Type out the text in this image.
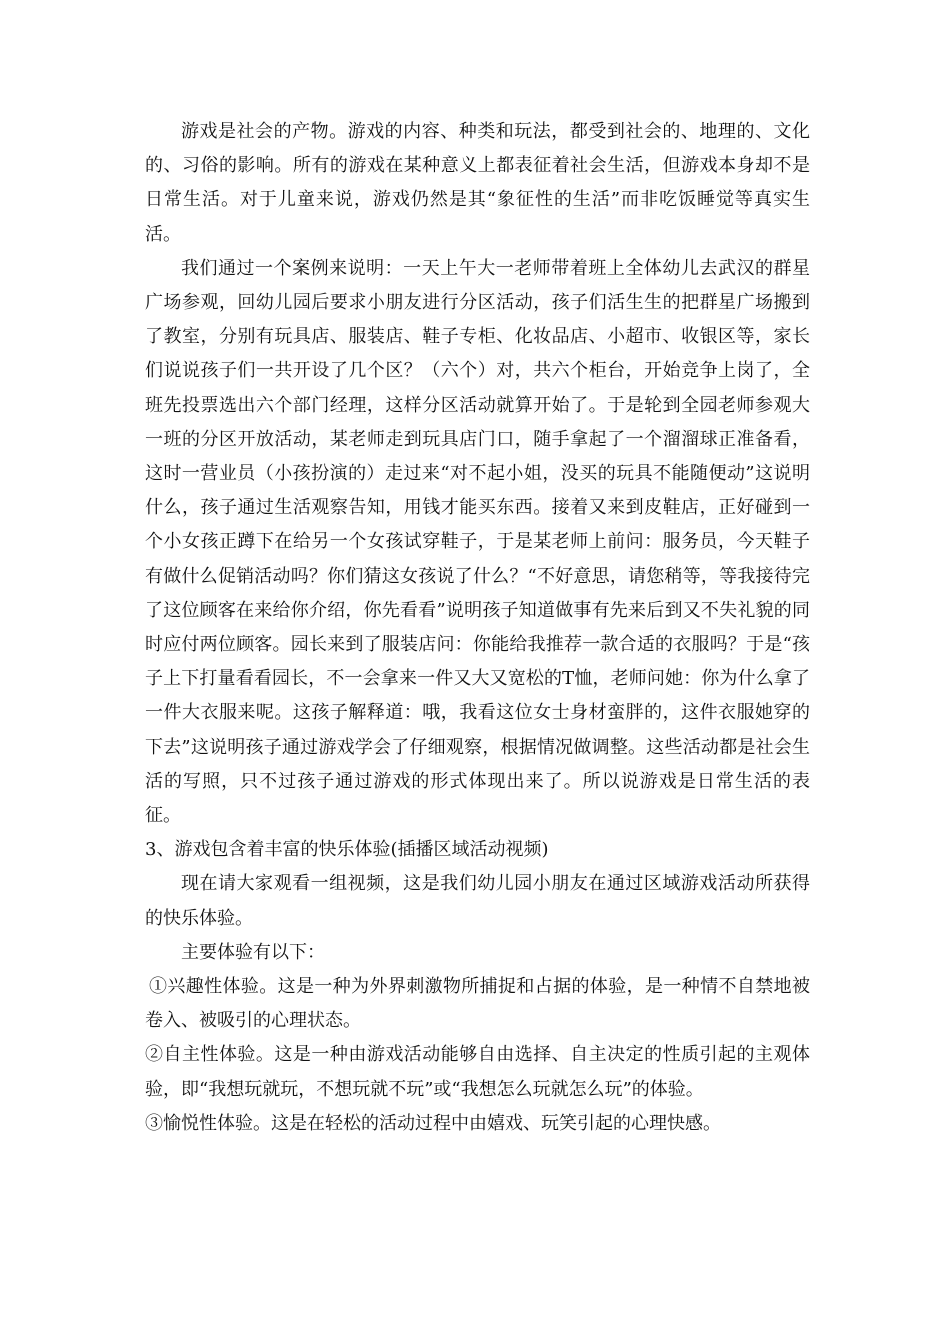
游戏是社会的产物。游戏的内容、种类和玩法，都受到社会的、地理的、文化的、习俗的影响。所有的游戏在某种意义上都表征着社会生活，但游戏本身却不是日常生活。对于儿童来说，游戏仍然是其“象征性的生活”而非吃饭睡觉等真实生活。

我们通过一个案例来说明：一天上午大一老师带着班上全体幼儿去武汉的群星广场参观，回幼儿园后要求小朋友进行分区活动，孩子们活生生的把群星广场搬到了教室，分别有玩具店、服装店、鞋子专柜、化妆品店、小超市、收银区等，家长们说说孩子们一共开设了几个区？（六个）对，共六个柜台，开始竞争上岗了，全班先投票选出六个部门经理，这样分区活动就算开始了。于是轮到全园老师参观大一班的分区开放活动，某老师走到玩具店门口，随手拿起了一个溜溜球正准备看，这时一营业员（小孩扮演的）走过来“对不起小姐，没买的玩具不能随便动”这说明什么，孩子通过生活观察告知，用钱才能买东西。接着又来到皮鞋店，正好碰到一个小女孩正蹲下在给另一个女孩试穿鞋子，于是某老师上前问：服务员，今天鞋子有做什么促销活动吗？你们猜这女孩说了什么？“不好意思，请您稍等，等我接待完了这位顾客在来给你介绍，你先看看”说明孩子知道做事有先来后到又不失礼貌的同时应付两位顾客。园长来到了服装店问：你能给我推荐一款合适的衣服吗？于是“孩子上下打量看看园长，不一会拿来一件又大又宽松的T恤，老师问她：你为什么拿了一件大衣服来呢。这孩子解释道：哦，我看这位女士身材蛮胖的，这件衣服她穿的下去”这说明孩子通过游戏学会了仔细观察，根据情况做调整。这些活动都是社会生活的写照，只不过孩子通过游戏的形式体现出来了。所以说游戏是日常生活的表征。

3、游戏包含着丰富的快乐体验(插播区域活动视频)

现在请大家观看一组视频，这是我们幼儿园小朋友在通过区域游戏活动所获得的快乐体验。

主要体验有以下：

①兴趣性体验。这是一种为外界刺激物所捕捉和占据的体验，是一种情不自禁地被卷入、被吸引的心理状态。

②自主性体验。这是一种由游戏活动能够自由选择、自主决定的性质引起的主观体验，即“我想玩就玩，不想玩就不玩”或“我想怎么玩就怎么玩”的体验。

③愉悦性体验。这是在轻松的活动过程中由嬉戏、玩笑引起的心理快感。
